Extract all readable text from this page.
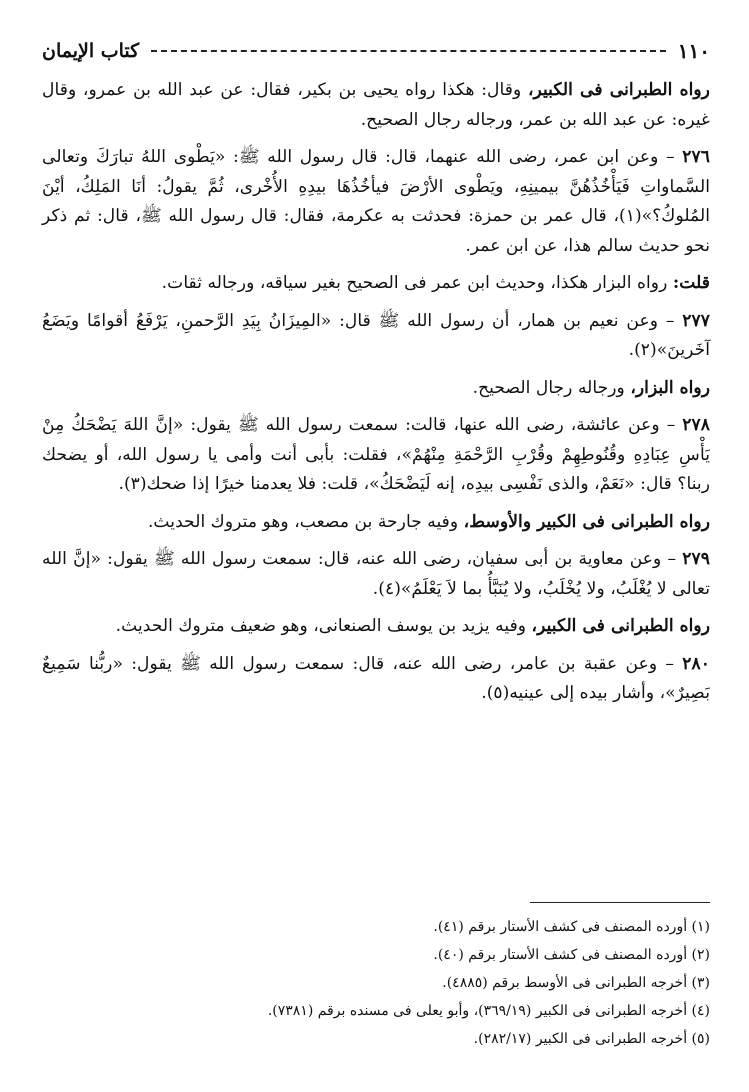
١١٠
كتاب الإيمان

رواه الطبرانى فى الكبير، وقال: هكذا رواه يحيى بن بكير، فقال: عن عبد الله بن عمرو، وقال غيره: عن عبد الله بن عمر، ورجاله رجال الصحيح.

٢٧٦ – وعن ابن عمر، رضى الله عنهما، قال: قال رسول الله ﷺ: «يَطْوى اللهُ تبارَكَ وتعالى السَّماواتِ فَيَأْخُذُهُنَّ بيمينِهِ، ويَطْوى الأرْضَ فيأخُذُهَا بيدِهِ الأُخْرى، ثُمَّ يقولُ: أنَا المَلِكُ، أيْنَ المُلوكُ؟»(١)، قال عمر بن حمزة: فحدثت به عكرمة، فقال: قال رسول الله ﷺ، قال: ثم ذكر نحو حديث سالم هذا، عن ابن عمر.

قلت: رواه البزار هكذا، وحديث ابن عمر فى الصحيح بغير سياقه، ورجاله ثقات.

٢٧٧ – وعن نعيم بن همار، أن رسول الله ﷺ قال: «المِيزَانُ بِيَدِ الرَّحمنِ، يَرْفَعُ أقوامًا ويَضَعُ آخَرينَ»(٢).

رواه البزار، ورجاله رجال الصحيح.

٢٧٨ – وعن عائشة، رضى الله عنها، قالت: سمعت رسول الله ﷺ يقول: «إنَّ اللهَ يَضْحَكُ مِنْ يَأْسِ عِبَادِهِ وقُنُوطِهِمْ وقُرْبِ الرَّحْمَةِ مِنْهُمْ»، فقلت: بأبى أنت وأمى يا رسول الله، أو يضحك ربنا؟ قال: «نَعَمْ، والذى نَفْسِى بيدِه، إنه لَيَضْحَكُ»، قلت: فلا يعدمنا خيرًا إذا ضحك(٣).

رواه الطبرانى فى الكبير والأوسط، وفيه جارحة بن مصعب، وهو متروك الحديث.

٢٧٩ – وعن معاوية بن أبى سفيان، رضى الله عنه، قال: سمعت رسول الله ﷺ يقول: «إنَّ الله تعالى لا يُغْلَبُ، ولا يُخْلَبُ، ولا يُنَبَّأُ بما لاَ يَعْلَمُ»(٤).

رواه الطبرانى فى الكبير، وفيه يزيد بن يوسف الصنعانى، وهو ضعيف متروك الحديث.

٢٨٠ – وعن عقبة بن عامر، رضى الله عنه، قال: سمعت رسول الله ﷺ يقول: «ربُّنا سَمِيعٌ بَصِيرٌ»، وأشار بيده إلى عينيه(٥).

(١) أورده المصنف فى كشف الأستار برقم (٤١).
(٢) أورده المصنف فى كشف الأستار برقم (٤٠).
(٣) أخرجه الطبرانى فى الأوسط برقم (٤٨٨٥).
(٤) أخرجه الطبرانى فى الكبير (٣٦٩/١٩)، وأبو يعلى فى مسنده برقم (٧٣٨١).
(٥) أخرجه الطبرانى فى الكبير (٢٨٢/١٧).
